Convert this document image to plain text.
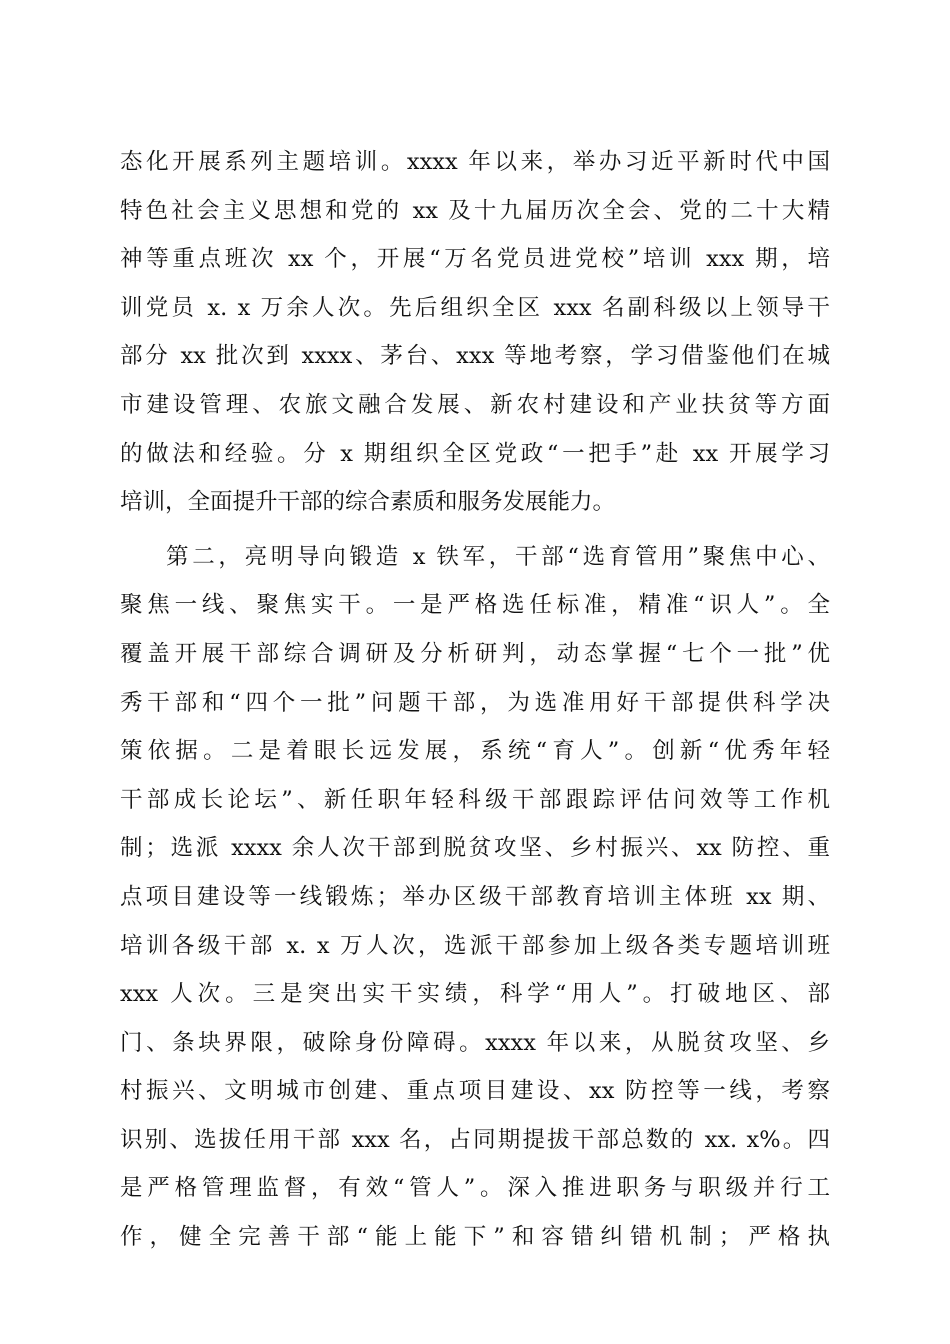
态化开展系列主题培训。xxxx 年以来，举办习近平新时代中国
特色社会主义思想和党的 xx 及十九届历次全会、党的二十大精
神等重点班次 xx 个，开展“万名党员进党校”培训 xxx 期，培
训党员 x. x 万余人次。先后组织全区 xxx 名副科级以上领导干
部分 xx 批次到 xxxx、茅台、xxx 等地考察，学习借鉴他们在城
市建设管理、农旅文融合发展、新农村建设和产业扶贫等方面
的做法和经验。分 x 期组织全区党政“一把手”赴 xx 开展学习
培训，全面提升干部的综合素质和服务发展能力。
第二，亮明导向锻造 x 铁军，干部“选育管用”聚焦中心、
聚焦一线、聚焦实干。一是严格选任标准，精准“识人”。全
覆盖开展干部综合调研及分析研判，动态掌握“七个一批”优
秀干部和“四个一批”问题干部，为选准用好干部提供科学决
策依据。二是着眼长远发展，系统“育人”。创新“优秀年轻
干部成长论坛”、新任职年轻科级干部跟踪评估问效等工作机
制；选派 xxxx 余人次干部到脱贫攻坚、乡村振兴、xx 防控、重
点项目建设等一线锻炼；举办区级干部教育培训主体班 xx 期、
培训各级干部 x. x 万人次，选派干部参加上级各类专题培训班
xxx 人次。三是突出实干实绩，科学“用人”。打破地区、部
门、条块界限，破除身份障碍。xxxx 年以来，从脱贫攻坚、乡
村振兴、文明城市创建、重点项目建设、xx 防控等一线，考察
识别、选拔任用干部 xxx 名，占同期提拔干部总数的 xx. x%。四
是严格管理监督，有效“管人”。深入推进职务与职级并行工
作，健全完善干部“能上能下”和容错纠错机制；严格执
